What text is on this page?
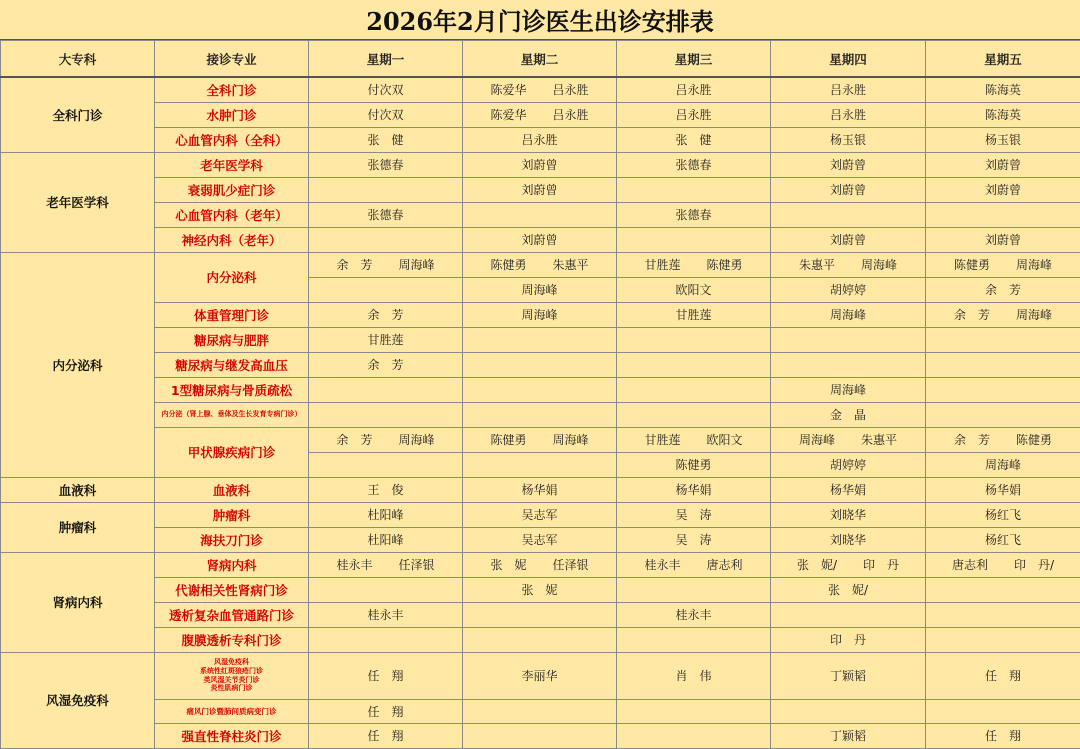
2026年2月门诊医生出诊安排表
大专科	接诊专业	星期一	星期二	星期三	星期四	星期五
全科门诊	全科门诊	付次双	陈爱华 吕永胜	吕永胜	吕永胜	陈海英

	水肿门诊	付次双	陈爱华 吕永胜	吕永胜	吕永胜	陈海英

	心血管内科（全科）	张　健	吕永胜	张　健	杨玉银	杨玉银

老年医学科	老年医学科	张德春	刘蔚曾	张德春	刘蔚曾	刘蔚曾

	衰弱肌少症门诊		刘蔚曾		刘蔚曾	刘蔚曾

	心血管内科（老年）	张德春		张德春		

	神经内科（老年）		刘蔚曾		刘蔚曾	刘蔚曾

内分泌科	内分泌科	余　芳 周海峰	陈健勇 朱惠平	甘胜莲 陈健勇	朱惠平 周海峰	陈健勇 周海峰

			周海峰	欧阳文	胡婷婷	余　芳

	体重管理门诊	余　芳	周海峰	甘胜莲	周海峰	余　芳 周海峰

	糖尿病与肥胖	甘胜莲				

	糖尿病与继发高血压	余　芳				

	1型糖尿病与骨质疏松				周海峰	

	内分泌（肾上腺、垂体及生长发育专病门诊）				金　晶	

	甲状腺疾病门诊	余　芳 周海峰	陈健勇 周海峰	甘胜莲 欧阳文	周海峰 朱惠平	余　芳 陈健勇

				陈健勇	胡婷婷	周海峰

血液科	血液科	王　俊	杨华娟	杨华娟	杨华娟	杨华娟

肿瘤科	肿瘤科	杜阳峰	吴志军	吴　涛	刘晓华	杨红飞

	海扶刀门诊	杜阳峰	吴志军	吴　涛	刘晓华	杨红飞

肾病内科	肾病内科	桂永丰 任泽银	张　妮 任泽银	桂永丰 唐志利	张　妮/ 印　丹	唐志利 印　丹/

	代谢相关性肾病门诊		张　妮		张　妮/	

	透析复杂血管通路门诊	桂永丰		桂永丰		

	腹膜透析专科门诊				印　丹	

风湿免疫科	风湿免疫科
系统性红斑狼疮门诊
类风湿关节炎门诊
炎性肌病门诊	任　翔	李丽华	肖　伟	丁颖韬	任　翔

	痛风门诊暨肺间质病变门诊	任　翔				

	强直性脊柱炎门诊	任　翔			丁颖韬	任　翔
